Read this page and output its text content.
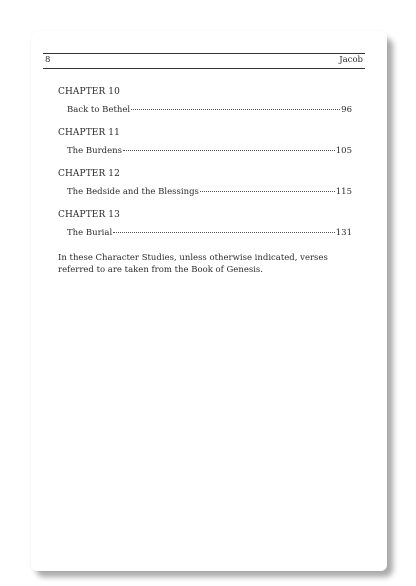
8	Jacob
CHAPTER 10
Back to Bethel	96
CHAPTER 11
The Burdens	105
CHAPTER 12
The Bedside and the Blessings	115
CHAPTER 13
The Burial	131
In these Character Studies, unless otherwise indicated, verses referred to are taken from the Book of Genesis.
